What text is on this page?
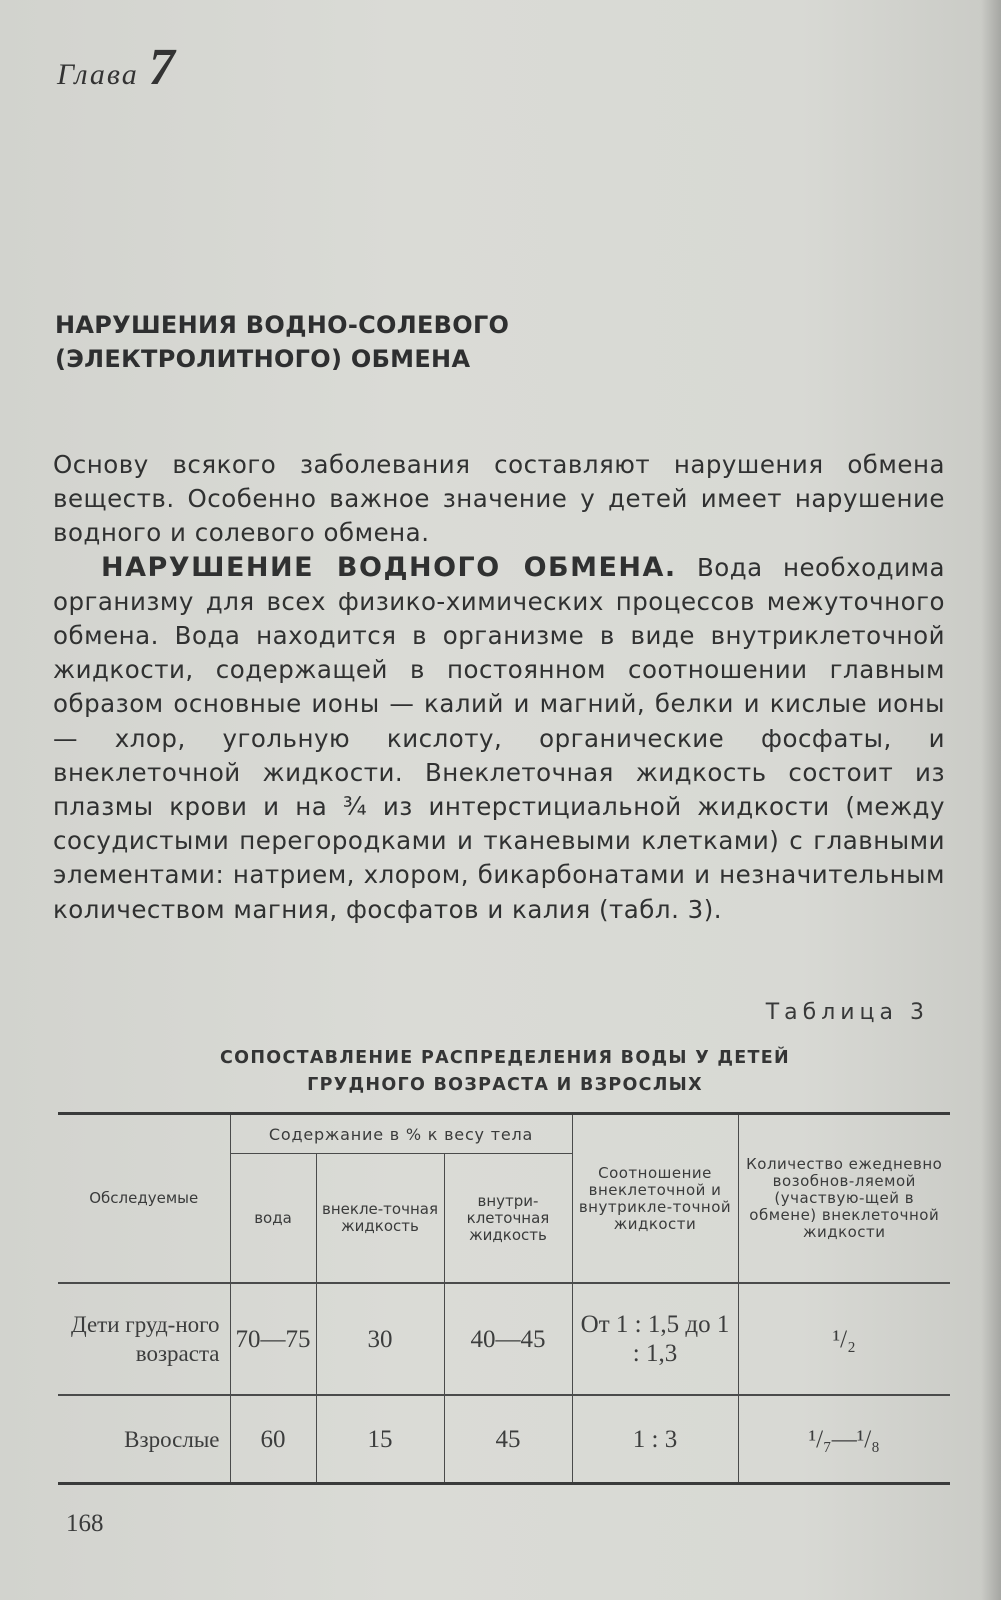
Глава 7
НАРУШЕНИЯ ВОДНО-СОЛЕВОГО
(ЭЛЕКТРОЛИТНОГО) ОБМЕНА

Основу всякого заболевания составляют нарушения обмена веществ. Особенно важное значение у детей имеет нарушение водного и солевого обмена.

НАРУШЕНИЕ ВОДНОГО ОБМЕНА. Вода необходима организму для всех физико-химических процессов межуточного обмена. Вода находится в организме в виде внутриклеточной жидкости, содержащей в постоянном соотношении главным образом основные ионы — калий и магний, белки и кислые ионы — хлор, угольную кислоту, органические фосфаты, и внеклеточной жидкости. Внеклеточная жидкость состоит из плазмы крови и на ¾ из интерстициальной жидкости (между сосудистыми перегородками и тканевыми клетками) с главными элементами: натрием, хлором, бикарбонатами и незначительным количеством магния, фосфатов и калия (табл. 3).

Таблица 3
СОПОСТАВЛЕНИЕ РАСПРЕДЕЛЕНИЯ ВОДЫ У ДЕТЕЙ
ГРУДНОГО ВОЗРАСТА И ВЗРОСЛЫХ
Обследуемые	Содержание в % к весу тела			Соотношение внеклеточной и внутрикле-точной жидкости	Количество ежедневно возобнов-ляемой (участвую-щей в обмене) внеклеточной жидкости
	вода	внекле-точная жидкость	внутри-клеточная жидкость		
Дети груд-ного возраста	70—75	30	40—45	От 1 : 1,5 до 1 : 1,3	¹/₂
Взрослые	60	15	45	1 : 3	¹/₇—¹/₈
168
